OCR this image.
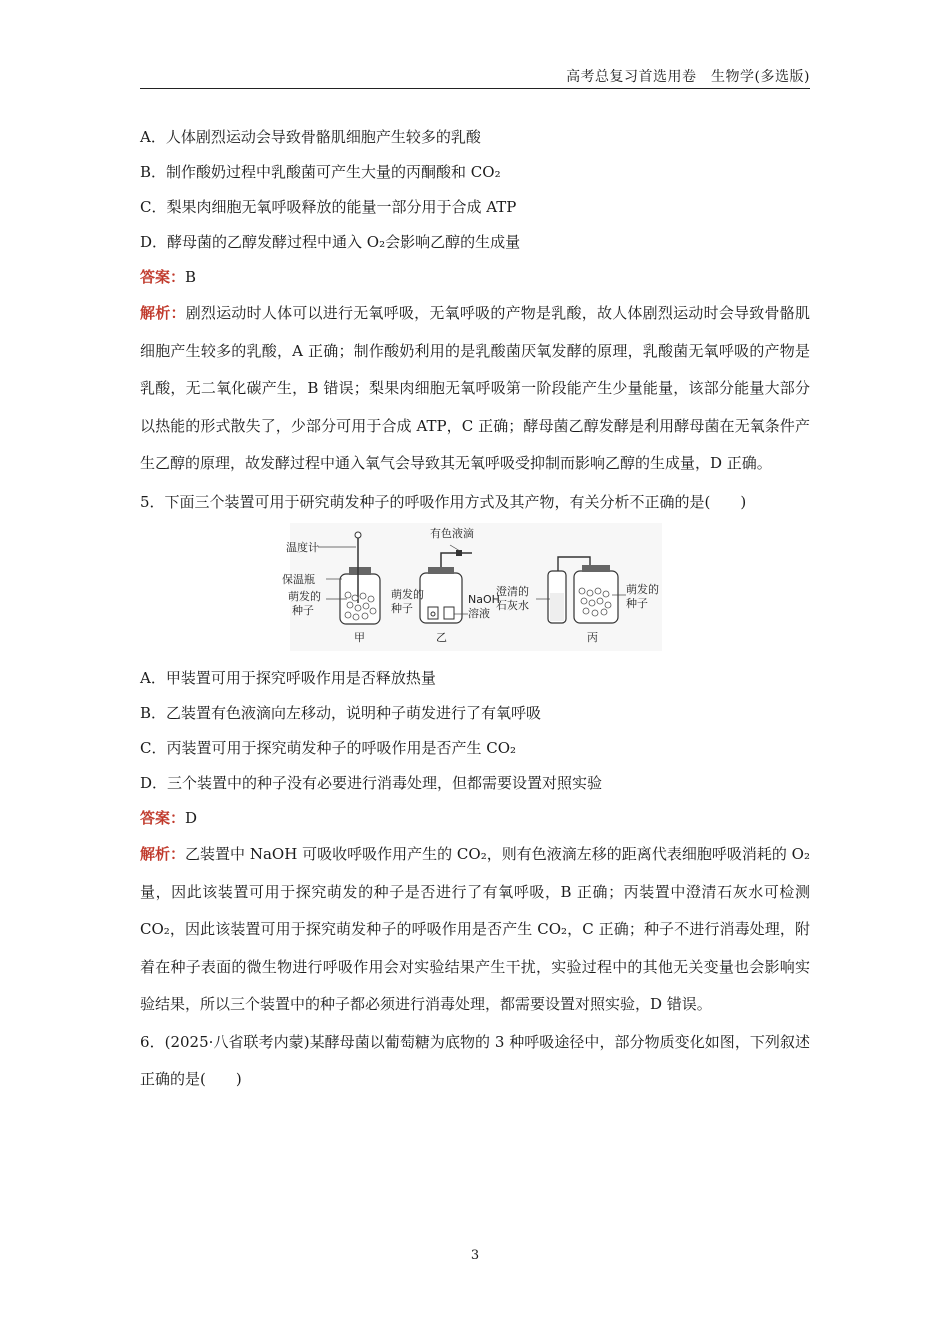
高考总复习首选用卷　生物学(多选版)
A．人体剧烈运动会导致骨骼肌细胞产生较多的乳酸
B．制作酸奶过程中乳酸菌可产生大量的丙酮酸和 CO₂
C．梨果肉细胞无氧呼吸释放的能量一部分用于合成 ATP
D．酵母菌的乙醇发酵过程中通入 O₂会影响乙醇的生成量
答案：B
解析：剧烈运动时人体可以进行无氧呼吸，无氧呼吸的产物是乳酸，故人体剧烈运动时会导致骨骼肌细胞产生较多的乳酸，A 正确；制作酸奶利用的是乳酸菌厌氧发酵的原理，乳酸菌无氧呼吸的产物是乳酸，无二氧化碳产生，B 错误；梨果肉细胞无氧呼吸第一阶段能产生少量能量，该部分能量大部分以热能的形式散失了，少部分可用于合成 ATP，C 正确；酵母菌乙醇发酵是利用酵母菌在无氧条件产生乙醇的原理，故发酵过程中通入氧气会导致其无氧呼吸受抑制而影响乙醇的生成量，D 正确。
5．下面三个装置可用于研究萌发种子的呼吸作用方式及其产物，有关分析不正确的是(　　)
温度计
保温瓶
萌发的
种子
甲
有色液滴
萌发的
种子
NaOH
溶液
乙
澄清的
石灰水
萌发的
种子
丙
A．甲装置可用于探究呼吸作用是否释放热量
B．乙装置有色液滴向左移动，说明种子萌发进行了有氧呼吸
C．丙装置可用于探究萌发种子的呼吸作用是否产生 CO₂
D．三个装置中的种子没有必要进行消毒处理，但都需要设置对照实验
答案：D
解析：乙装置中 NaOH 可吸收呼吸作用产生的 CO₂，则有色液滴左移的距离代表细胞呼吸消耗的 O₂量，因此该装置可用于探究萌发的种子是否进行了有氧呼吸，B 正确；丙装置中澄清石灰水可检测 CO₂，因此该装置可用于探究萌发种子的呼吸作用是否产生 CO₂，C 正确；种子不进行消毒处理，附着在种子表面的微生物进行呼吸作用会对实验结果产生干扰，实验过程中的其他无关变量也会影响实验结果，所以三个装置中的种子都必须进行消毒处理，都需要设置对照实验，D 错误。
6．(2025·八省联考内蒙)某酵母菌以葡萄糖为底物的 3 种呼吸途径中，部分物质变化如图，下列叙述正确的是(　　)
3
